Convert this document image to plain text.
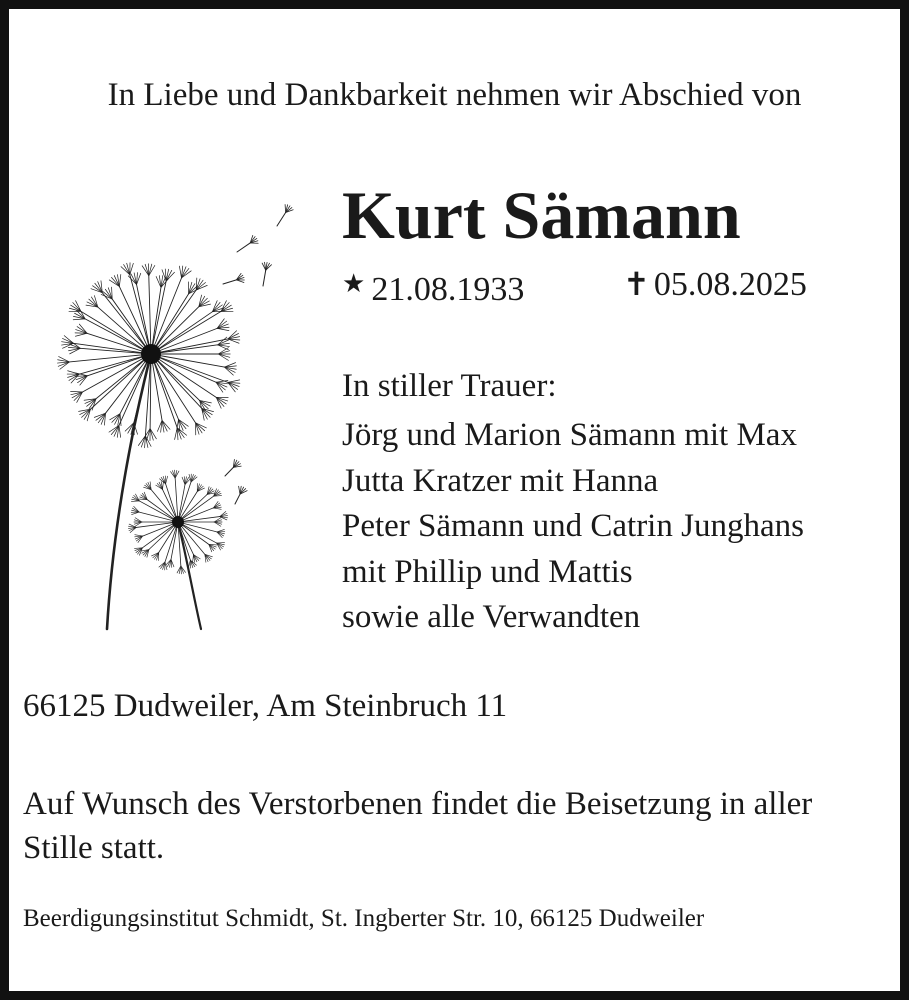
In Liebe und Dankbarkeit nehmen wir Abschied von
Kurt Sämann
★ 21.08.1933	✝ 05.08.2025
In stiller Trauer:
Jörg und Marion Sämann mit Max
Jutta Kratzer mit Hanna
Peter Sämann und Catrin Junghans
mit Phillip und Mattis
sowie alle Verwandten
66125 Dudweiler, Am Steinbruch 11
Auf Wunsch des Verstorbenen findet die Beisetzung in aller Stille statt.
Beerdigungsinstitut Schmidt, St. Ingberter Str. 10, 66125 Dudweiler
